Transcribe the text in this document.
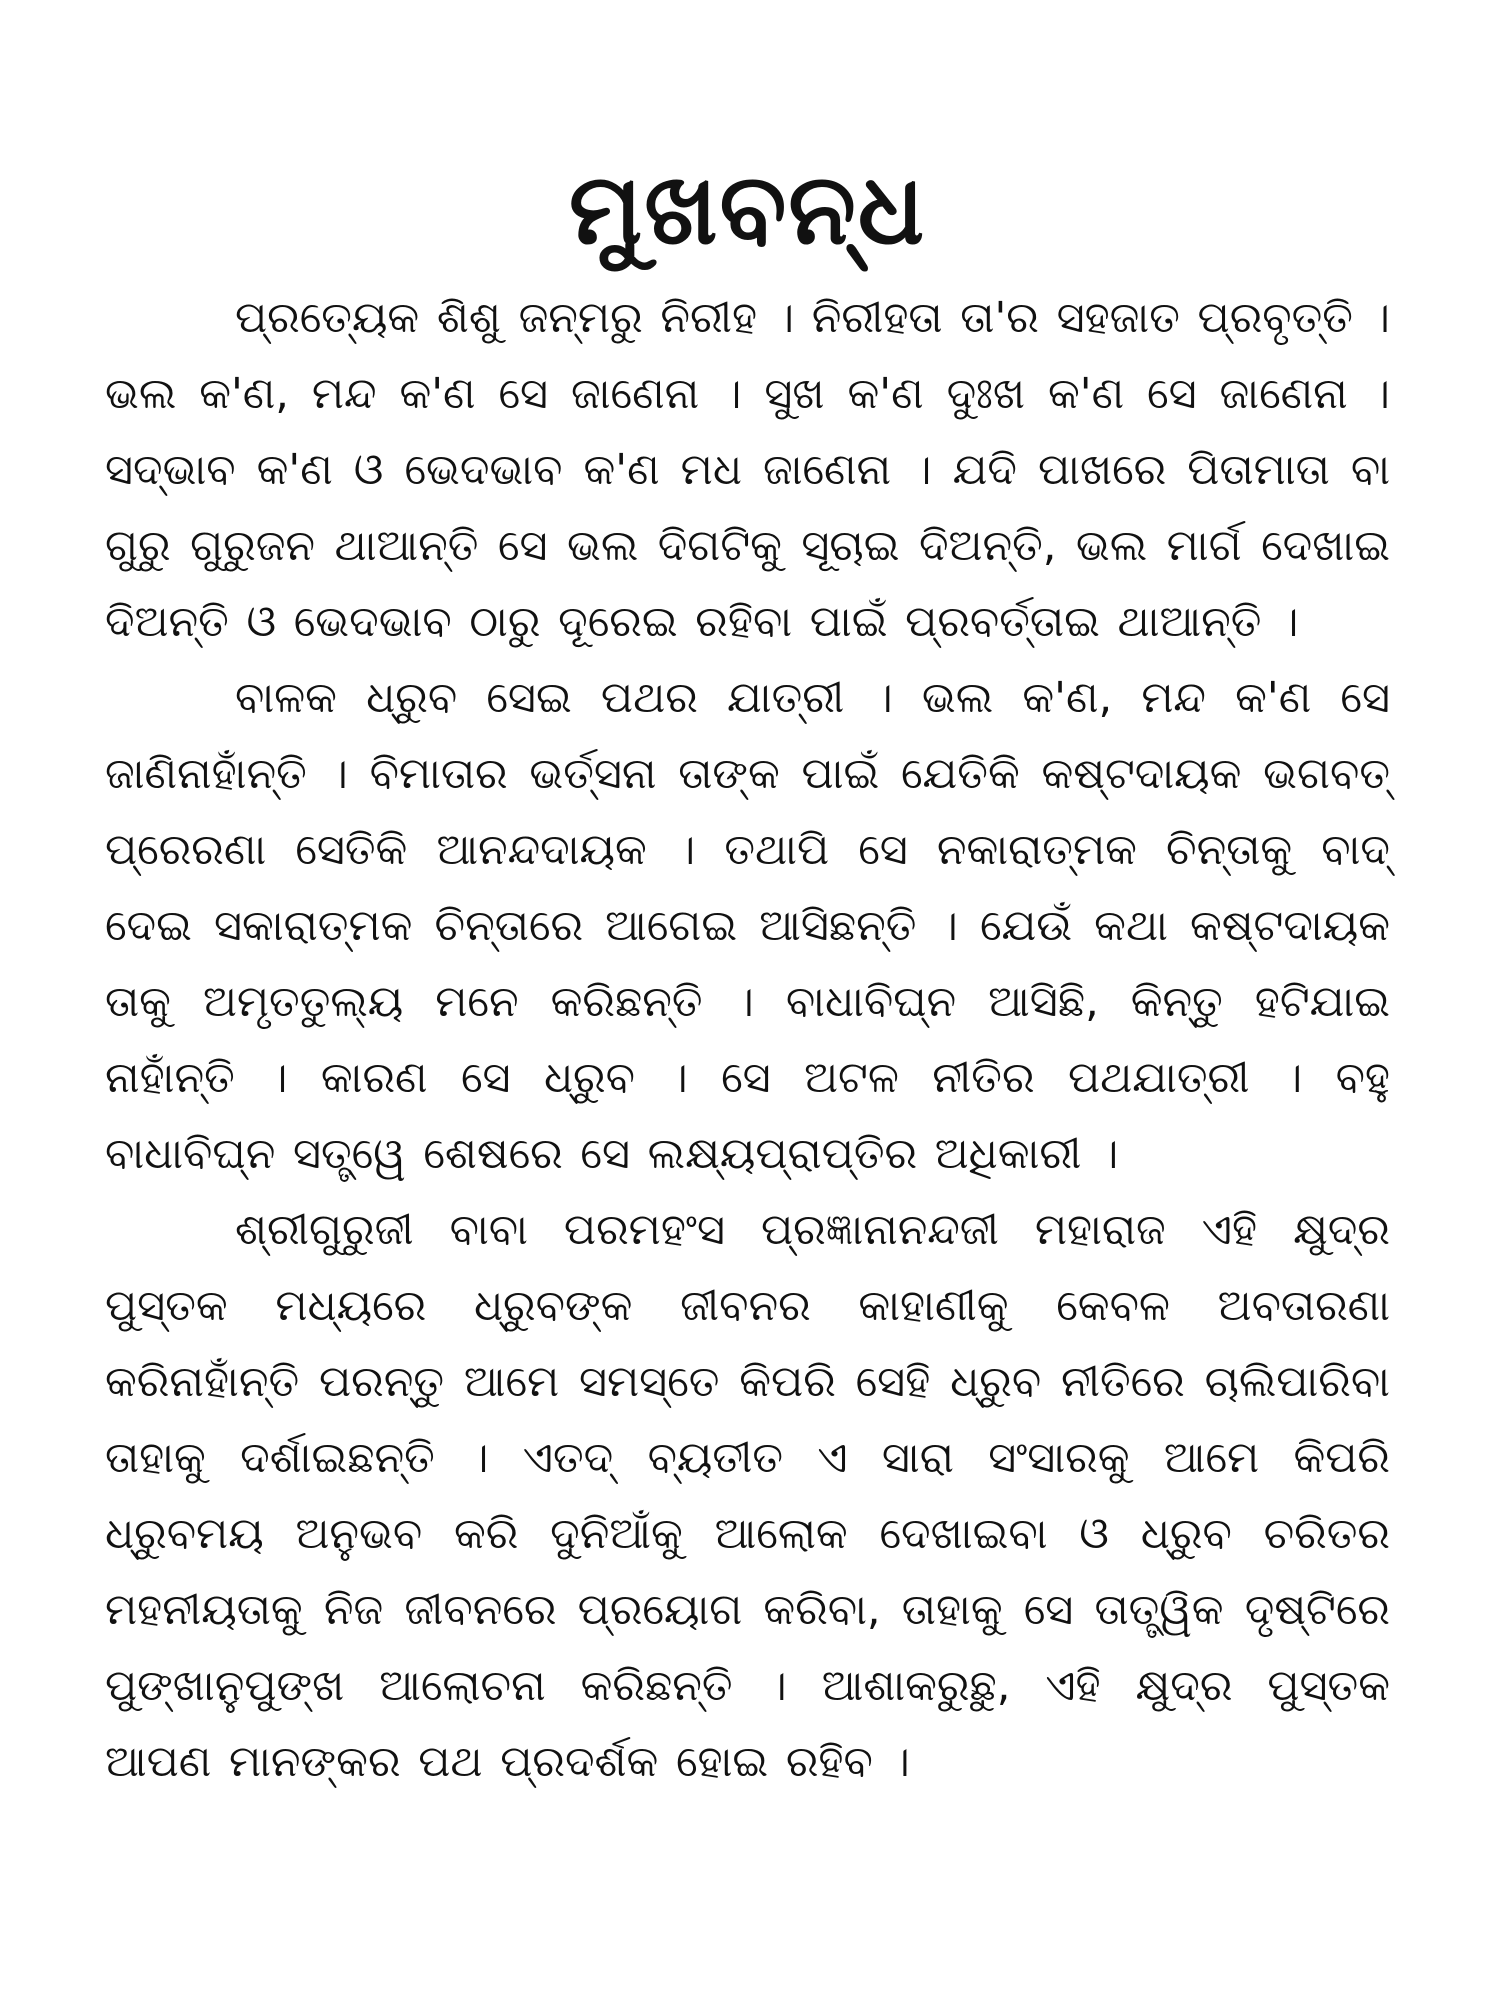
ମୁଖବନ୍ଧ

ପ୍ରତ୍ୟେକ ଶିଶୁ ଜନ୍ମରୁ ନିରୀହ । ନିରୀହତା ତା'ର ସହଜାତ ପ୍ରବୃତ୍ତି । ଭଲ କ'ଣ, ମନ୍ଦ କ'ଣ ସେ ଜାଣେନା । ସୁଖ କ'ଣ ଦୁଃଖ କ'ଣ ସେ ଜାଣେନା । ସଦ୍‌ଭାବ କ'ଣ ଓ ଭେଦଭାବ କ'ଣ ମଧ ଜାଣେନା । ଯଦି ପାଖରେ ପିତାମାତା ବା ଗୁରୁ ଗୁରୁଜନ ଥାଆନ୍ତି ସେ ଭଲ ଦିଗଟିକୁ ସୂଚାଇ ଦିଅନ୍ତି, ଭଲ ମାର୍ଗ ଦେଖାଇ ଦିଅନ୍ତି ଓ ଭେଦଭାବ ଠାରୁ ଦୂରେଇ ରହିବା ପାଇଁ ପ୍ରବର୍ତ୍ତାଇ ଥାଆନ୍ତି ।

ବାଳକ ଧ୍ରୁବ ସେଇ ପଥର ଯାତ୍ରୀ । ଭଲ କ'ଣ, ମନ୍ଦ କ'ଣ ସେ ଜାଣିନାହାଁନ୍ତି । ବିମାତାର ଭର୍ତ୍ସନା ତାଙ୍କ ପାଇଁ ଯେତିକି କଷ୍ଟଦାୟକ ଭଗବତ୍ ପ୍ରେରଣା ସେତିକି ଆନନ୍ଦଦାୟକ । ତଥାପି ସେ ନକାରାତ୍ମକ ଚିନ୍ତାକୁ ବାଦ୍ ଦେଇ ସକାରାତ୍ମକ ଚିନ୍ତାରେ ଆଗେଇ ଆସିଛନ୍ତି । ଯେଉଁ କଥା କଷ୍ଟଦାୟକ ତାକୁ ଅମୃତତୁଲ୍ୟ ମନେ କରିଛନ୍ତି । ବାଧାବିଘ୍ନ ଆସିଛି, କିନ୍ତୁ ହଟିଯାଇ ନାହାଁନ୍ତି । କାରଣ ସେ ଧ୍ରୁବ । ସେ ଅଟଳ ନୀତିର ପଥଯାତ୍ରୀ । ବହୁ ବାଧାବିଘ୍ନ ସତ୍ତ୍ୱେ ଶେଷରେ ସେ ଲକ୍ଷ୍ୟପ୍ରାପ୍ତିର ଅଧିକାରୀ ।

ଶ୍ରୀଗୁରୁଜୀ ବାବା ପରମହଂସ ପ୍ରଜ୍ଞାନାନନ୍ଦଜୀ ମହାରାଜ ଏହି କ୍ଷୁଦ୍ର ପୁସ୍ତକ ମଧ୍ୟରେ ଧ୍ରୁବଙ୍କ ଜୀବନର କାହାଣୀକୁ କେବଳ ଅବତାରଣା କରିନାହାଁନ୍ତି ପରନ୍ତୁ ଆମେ ସମସ୍ତେ କିପରି ସେହି ଧ୍ରୁବ ନୀତିରେ ଚାଲିପାରିବା ତାହାକୁ ଦର୍ଶାଇଛନ୍ତି । ଏତଦ୍ ବ୍ୟତୀତ ଏ ସାରା ସଂସାରକୁ ଆମେ କିପରି ଧ୍ରୁବମୟ ଅନୁଭବ କରି ଦୁନିଆଁକୁ ଆଲୋକ ଦେଖାଇବା ଓ ଧ୍ରୁବ ଚରିତର ମହନୀୟତାକୁ ନିଜ ଜୀବନରେ ପ୍ରୟୋଗ କରିବା, ତାହାକୁ ସେ ତାତ୍ତ୍ୱିକ ଦୃଷ୍ଟିରେ ପୁଙ୍ଖାନୁପୁଙ୍ଖ ଆଲୋଚନା କରିଛନ୍ତି । ଆଶାକରୁଛୁ, ଏହି କ୍ଷୁଦ୍ର ପୁସ୍ତକ ଆପଣ ମାନଙ୍କର ପଥ ପ୍ରଦର୍ଶକ ହୋଇ ରହିବ ।
